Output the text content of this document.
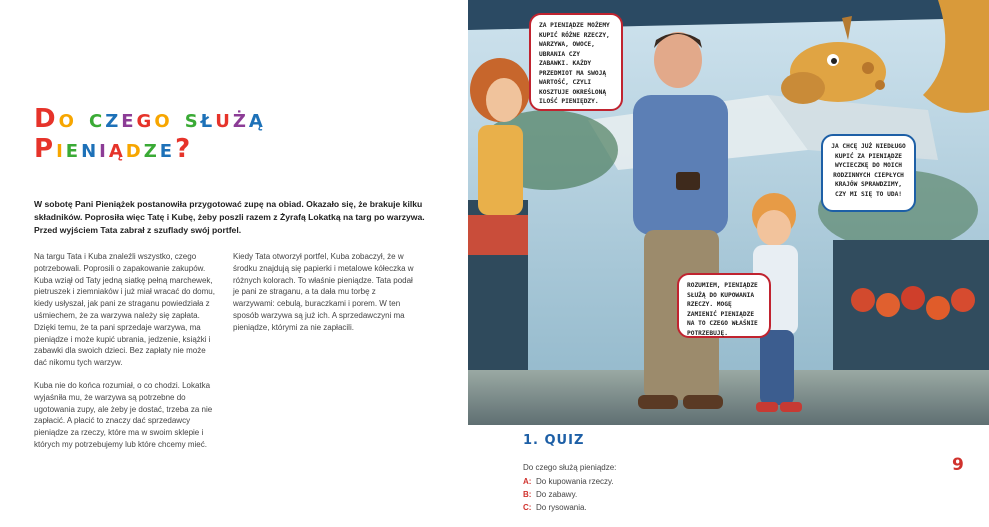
Do czego służą
Pieniądze?
W sobotę Pani Pieniążek postanowiła przygotować zupę na obiad. Okazało się, że brakuje kilku składników. Poprosiła więc Tatę i Kubę, żeby poszli razem z Żyrafą Lokatką na targ po warzywa. Przed wyjściem Tata zabrał z szuflady swój portfel.

Na targu Tata i Kuba znaleźli wszystko, czego potrzebowali. Poprosili o zapakowanie zakupów. Kuba wziął od Taty jedną siatkę pełną marchewek, pietruszek i ziemniaków i już miał wracać do domu, kiedy usłyszał, jak pani ze straganu powiedziała z uśmiechem, że za warzywa należy się zapłata. Dzięki temu, że ta pani sprzedaje warzywa, ma pieniądze i może kupić ubrania, jedzenie, książki i zabawki dla swoich dzieci. Bez zapłaty nie może dać nikomu tych warzyw.

Kuba nie do końca rozumiał, o co chodzi. Lokatka wyjaśniła mu, że warzywa są potrzebne do ugotowania zupy, ale żeby je dostać, trzeba za nie zapłacić. A płacić to znaczy dać sprzedawcy pieniądze za rzeczy, które ma w swoim sklepie i których my potrzebujemy lub które chcemy mieć.

Kiedy Tata otworzył portfel, Kuba zobaczył, że w środku znajdują się papierki i metalowe kółeczka w różnych kolorach. To właśnie pieniądze. Tata podał je pani ze straganu, a ta dała mu torbę z warzywami: cebulą, buraczkami i porem. W ten sposób warzywa są już ich. A sprzedawczyni ma pieniądze, którymi za nie zapłacili.

ZA PIENIĄDZE MOŻEMY KUPIĆ RÓŻNE RZECZY, WARZYWA, OWOCE, UBRANIA CZY ZABAWKI. KAŻDY PRZEDMIOT MA SWOJĄ WARTOŚĆ, CZYLI KOSZTUJE OKREŚLONĄ ILOŚĆ PIENIĘDZY.
JA CHCĘ JUŻ NIEDŁUGO KUPIĆ ZA PIENIĄDZE WYCIECZKĘ DO MOICH RODZINNYCH CIEPŁYCH KRAJÓW SPRAWDZIMY, CZY MI SIĘ TO UDA!
ROZUMIEM, PIENIĄDZE SŁUŻĄ DO KUPOWANIA RZECZY. MOGĘ ZAMIENIĆ PIENIĄDZE NA TO CZEGO WŁAŚNIE POTRZEBUJĘ.
1. QUIZ
Do czego służą pieniądze:
A: Do kupowania rzeczy.
B: Do zabawy.
C: Do rysowania.
9
